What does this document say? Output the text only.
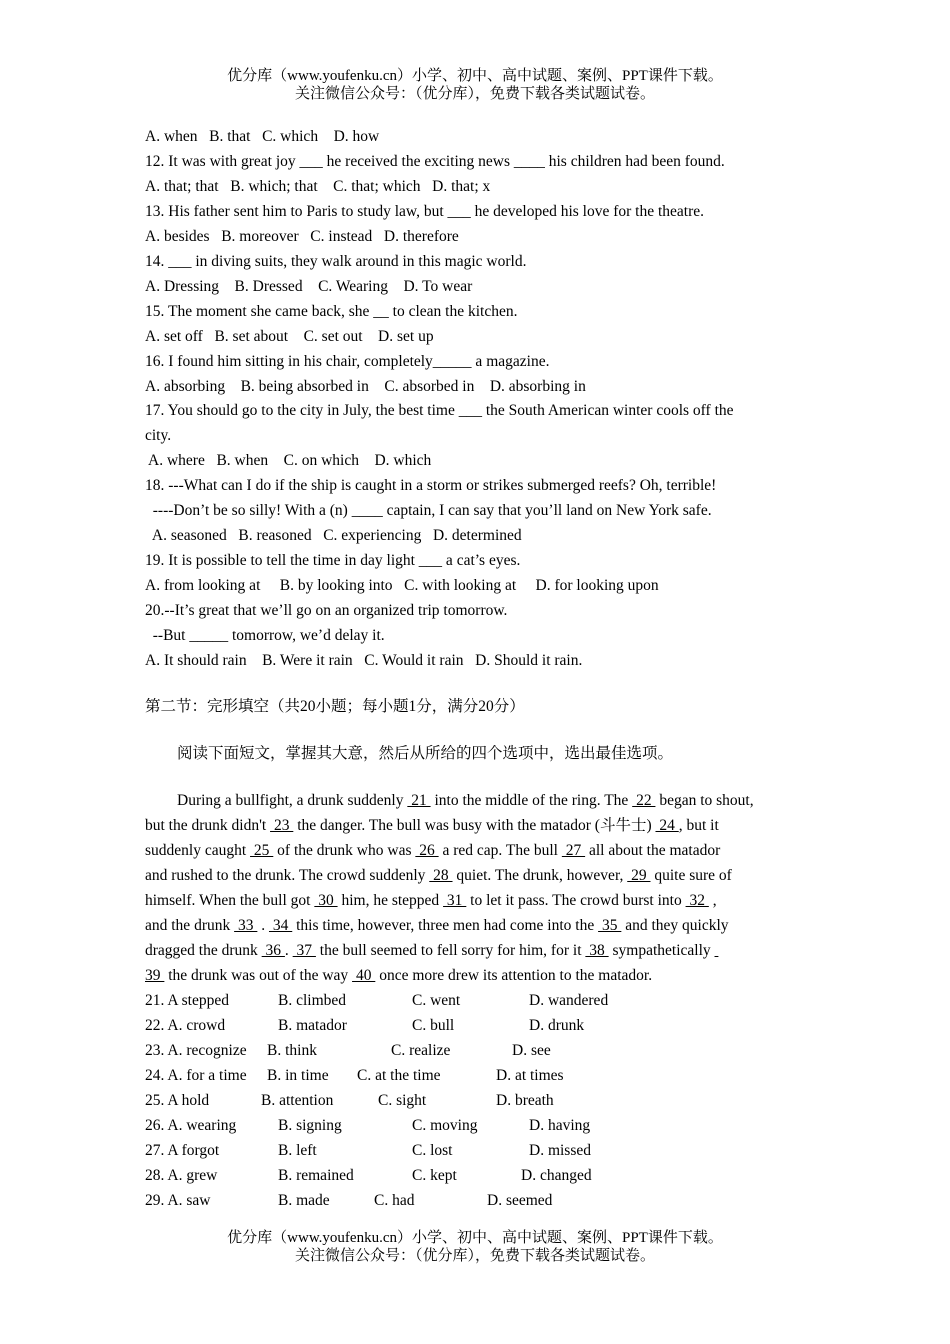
优分库（www.youfenku.cn）小学、初中、高中试题、案例、PPT课件下载。
关注微信公众号：（优分库），免费下载各类试题试卷。
A. when   B. that   C. which    D. how
12. It was with great joy ___ he received the exciting news ____ his children had been found.
A. that; that   B. which; that    C. that; which   D. that; x
13. His father sent him to Paris to study law, but ___ he developed his love for the theatre.
A. besides   B. moreover   C. instead   D. therefore
14. ___ in diving suits, they walk around in this magic world.
A. Dressing    B. Dressed    C. Wearing    D. To wear
15. The moment she came back, she __ to clean the kitchen.
A. set off   B. set about    C. set out    D. set up
16. I found him sitting in his chair, completely_____ a magazine.
A. absorbing    B. being absorbed in    C. absorbed in    D. absorbing in
17. You should go to the city in July, the best time ___ the South American winter cools off the
city.
A. where   B. when    C. on which    D. which
18. ---What can I do if the ship is caught in a storm or strikes submerged reefs? Oh, terrible!
----Don’t be so silly! With a (n) ____ captain, I can say that you’ll land on New York safe.
A. seasoned   B. reasoned   C. experiencing   D. determined
19. It is possible to tell the time in day light ___ a cat’s eyes.
A. from looking at     B. by looking into   C. with looking at     D. for looking upon
20.--It’s great that we’ll go on an organized trip tomorrow.
--But _____ tomorrow, we’d delay it.
A. It should rain    B. Were it rain   C. Would it rain   D. Should it rain.
第二节：完形填空（共20小题；每小题1分，满分20分）
阅读下面短文，掌握其大意，然后从所给的四个选项中，选出最佳选项。
During a bullfight, a drunk suddenly  21  into the middle of the ring. The  22  began to shout,
but the drunk didn't  23  the danger. The bull was busy with the matador (斗牛士)  24 , but it
suddenly caught  25  of the drunk who was  26  a red cap. The bull  27  all about the matador
and rushed to the drunk. The crowd suddenly  28  quiet. The drunk, however,  29  quite sure of
himself. When the bull got  30  him, he stepped  31  to let it pass. The crowd burst into  32  ,
and the drunk  33  .  34  this time, however, three men had come into the  35  and they quickly
dragged the drunk  36 .  37  the bull seemed to fell sorry for him, for it  38  sympathetically
39  the drunk was out of the way  40  once more drew its attention to the matador.
21. A stepped	B. climbed	C. went	D. wandered
22. A. crowd	B. matador	C. bull	D. drunk
23. A. recognize B. think	C. realize	D. see
24. A. for a time B. in time C. at the time	D. at times
25. A hold	B. attention	C. sight	D. breath
26. A. wearing	B. signing	C. moving	D. having
27. A forgot	B. left	C. lost	D. missed
28. A. grew	B. remained	C. kept	D. changed
29. A. saw	B. made	C. had	D. seemed
优分库（www.youfenku.cn）小学、初中、高中试题、案例、PPT课件下载。
关注微信公众号：（优分库），免费下载各类试题试卷。
